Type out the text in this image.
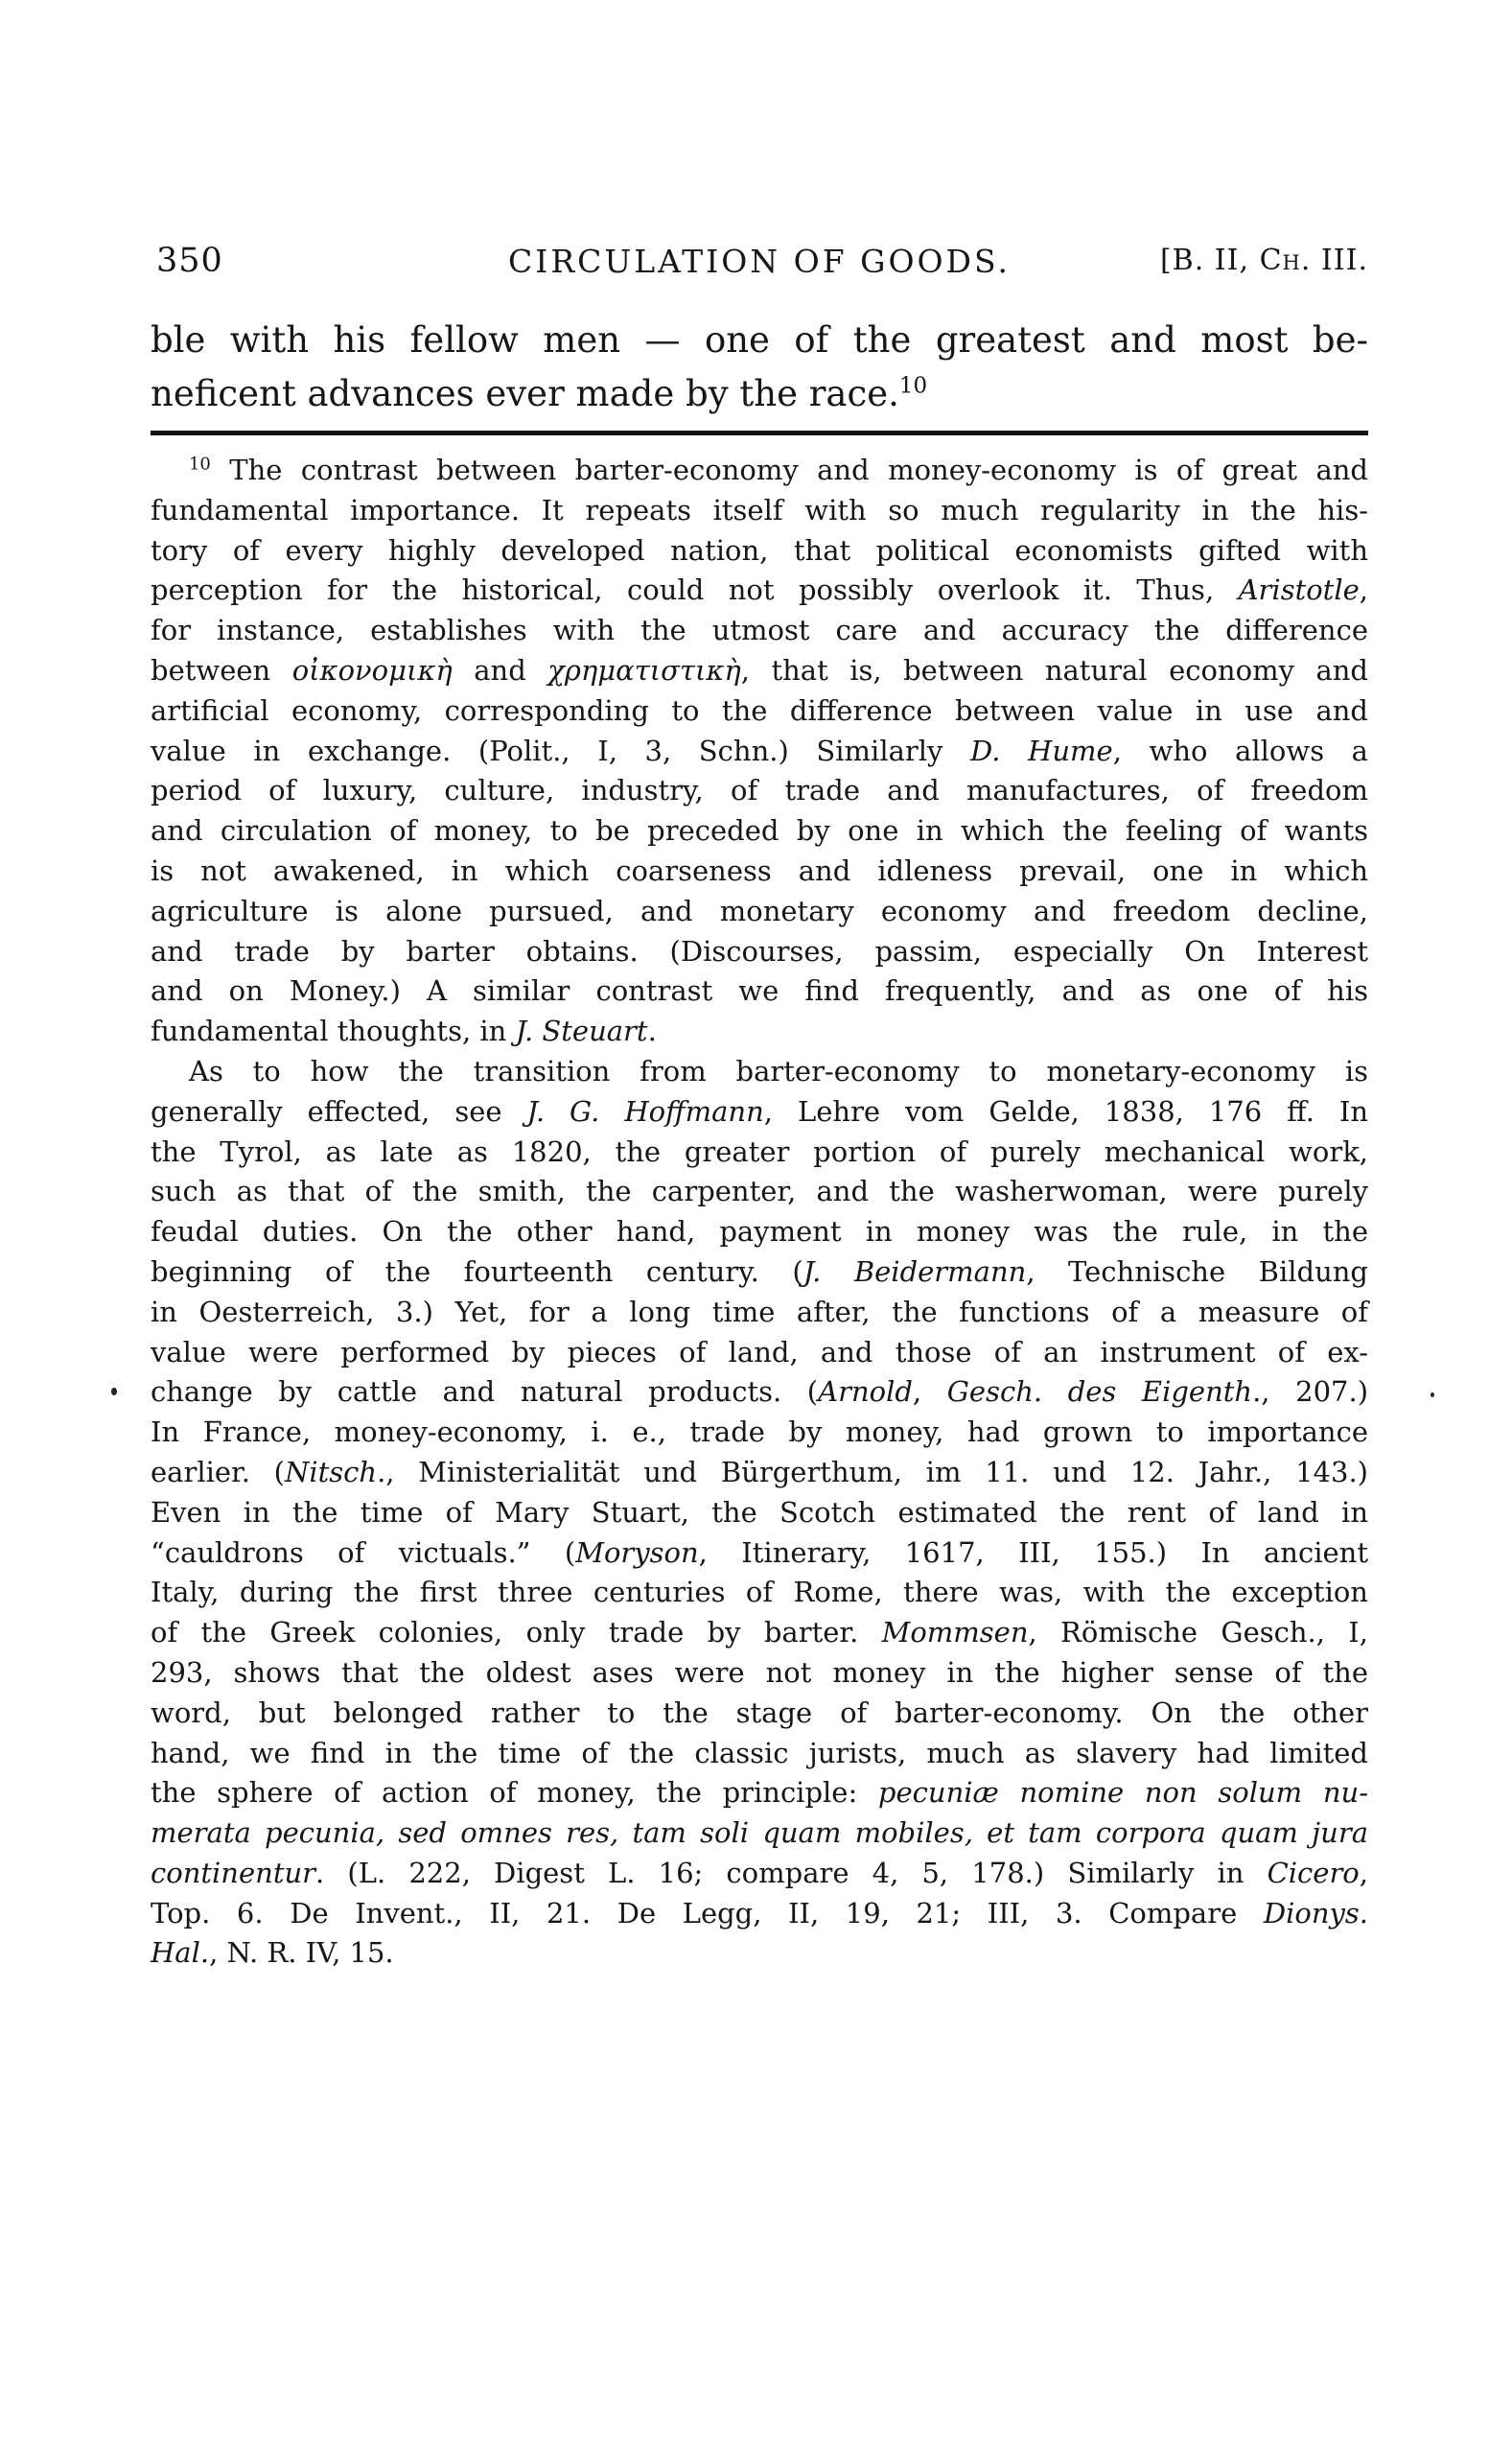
350	CIRCULATION OF GOODS.	[B. II, Ch. III.
ble with his fellow men — one of the greatest and most be-
neficent advances ever made by the race.$^{10}$
$^{10}$ The contrast between barter-economy and money-economy is of great and
fundamental importance. It repeats itself with so much regularity in the his-
tory of every highly developed nation, that political economists gifted with
perception for the historical, could not possibly overlook it. Thus, Aristotle,
for instance, establishes with the utmost care and accuracy the difference
between οἰκονομικὴ and χρηματιστικὴ, that is, between natural economy and
artificial economy, corresponding to the difference between value in use and
value in exchange. (Polit., I, 3, Schn.) Similarly D. Hume, who allows a
period of luxury, culture, industry, of trade and manufactures, of freedom
and circulation of money, to be preceded by one in which the feeling of wants
is not awakened, in which coarseness and idleness prevail, one in which
agriculture is alone pursued, and monetary economy and freedom decline,
and trade by barter obtains. (Discourses, passim, especially On Interest
and on Money.) A similar contrast we find frequently, and as one of his
fundamental thoughts, in J. Steuart.
As to how the transition from barter-economy to monetary-economy is
generally effected, see J. G. Hoffmann, Lehre vom Gelde, 1838, 176 ff. In
the Tyrol, as late as 1820, the greater portion of purely mechanical work,
such as that of the smith, the carpenter, and the washerwoman, were purely
feudal duties. On the other hand, payment in money was the rule, in the
beginning of the fourteenth century. (J. Beidermann, Technische Bildung
in Oesterreich, 3.) Yet, for a long time after, the functions of a measure of
value were performed by pieces of land, and those of an instrument of ex-
change by cattle and natural products. (Arnold, Gesch. des Eigenth., 207.)
In France, money-economy, i. e., trade by money, had grown to importance
earlier. (Nitsch., Ministerialität und Bürgerthum, im 11. und 12. Jahr., 143.)
Even in the time of Mary Stuart, the Scotch estimated the rent of land in
“cauldrons of victuals.” (Moryson, Itinerary, 1617, III, 155.) In ancient
Italy, during the first three centuries of Rome, there was, with the exception
of the Greek colonies, only trade by barter. Mommsen, Römische Gesch., I,
293, shows that the oldest ases were not money in the higher sense of the
word, but belonged rather to the stage of barter-economy. On the other
hand, we find in the time of the classic jurists, much as slavery had limited
the sphere of action of money, the principle: pecuniæ nomine non solum nu-
merata pecunia, sed omnes res, tam soli quam mobiles, et tam corpora quam jura
continentur. (L. 222, Digest L. 16; compare 4, 5, 178.) Similarly in Cicero,
Top. 6. De Invent., II, 21. De Legg, II, 19, 21; III, 3. Compare Dionys.
Hal., N. R. IV, 15.
